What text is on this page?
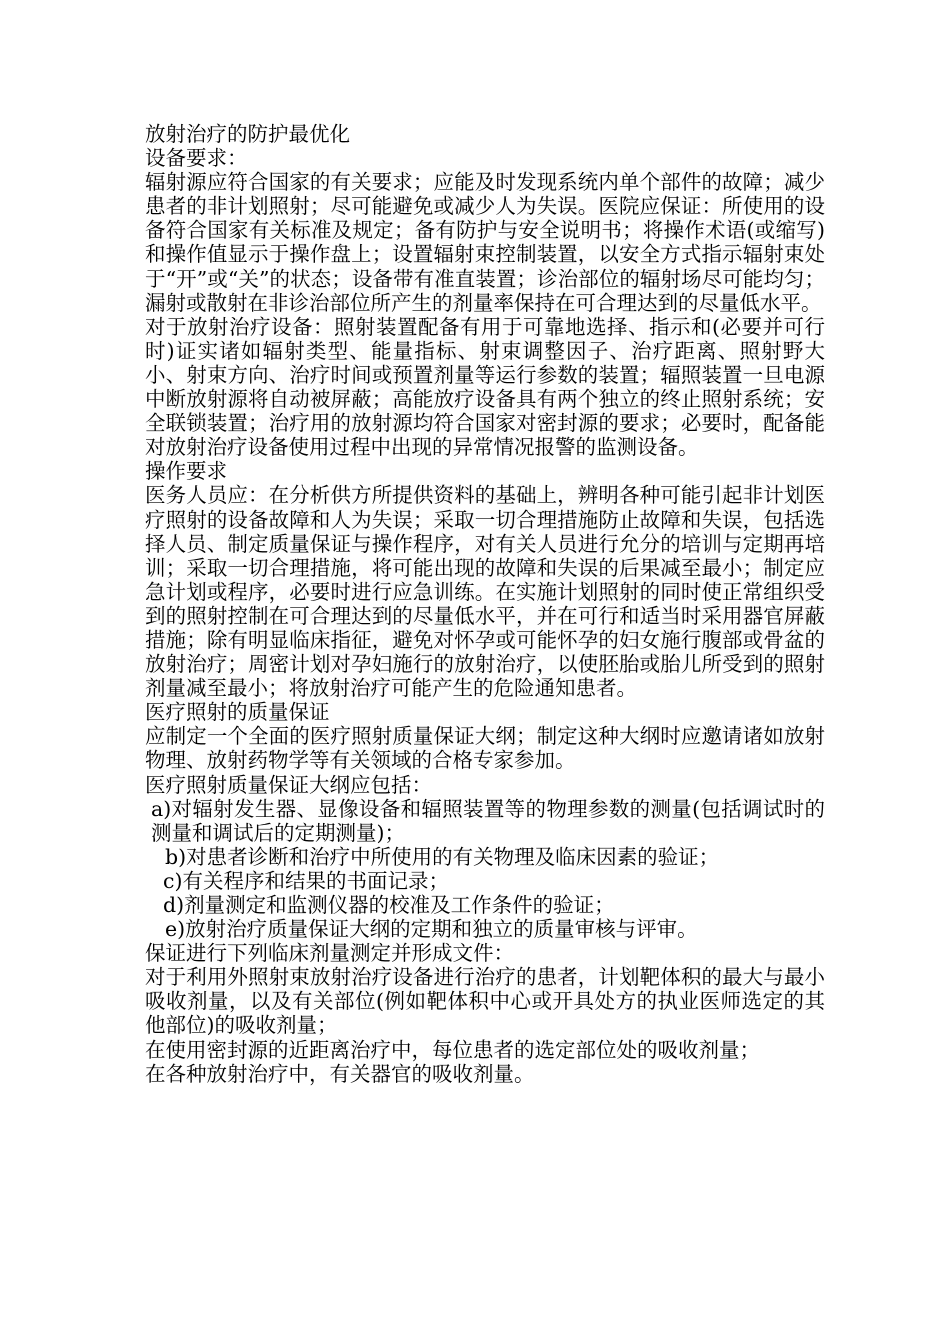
放射治疗的防护最优化

设备要求：

辐射源应符合国家的有关要求；应能及时发现系统内单个部件的故障；减少患者的非计划照射；尽可能避免或减少人为失误。医院应保证：所使用的设备符合国家有关标准及规定；备有防护与安全说明书；将操作术语(或缩写)和操作值显示于操作盘上；设置辐射束控制装置，以安全方式指示辐射束处于“开”或“关”的状态；设备带有准直装置；诊治部位的辐射场尽可能均匀；漏射或散射在非诊治部位所产生的剂量率保持在可合理达到的尽量低水平。

对于放射治疗设备：照射装置配备有用于可靠地选择、指示和(必要并可行时)证实诸如辐射类型、能量指标、射束调整因子、治疗距离、照射野大小、射束方向、治疗时间或预置剂量等运行参数的装置；辐照装置一旦电源中断放射源将自动被屏蔽；高能放疗设备具有两个独立的终止照射系统；安全联锁装置；治疗用的放射源均符合国家对密封源的要求；必要时，配备能对放射治疗设备使用过程中出现的异常情况报警的监测设备。

操作要求

医务人员应：在分析供方所提供资料的基础上，辨明各种可能引起非计划医疗照射的设备故障和人为失误；采取一切合理措施防止故障和失误，包括选择人员、制定质量保证与操作程序，对有关人员进行允分的培训与定期再培训；采取一切合理措施，将可能出现的故障和失误的后果减至最小；制定应急计划或程序，必要时进行应急训练。在实施计划照射的同时使正常组织受到的照射控制在可合理达到的尽量低水平，并在可行和适当时采用器官屏蔽措施；除有明显临床指征，避免对怀孕或可能怀孕的妇女施行腹部或骨盆的放射治疗；周密计划对孕妇施行的放射治疗，以使胚胎或胎儿所受到的照射剂量减至最小；将放射治疗可能产生的危险通知患者。

医疗照射的质量保证

应制定一个全面的医疗照射质量保证大纲；制定这种大纲时应邀请诸如放射物理、放射药物学等有关领域的合格专家参加。

医疗照射质量保证大纲应包括：

a)对辐射发生器、显像设备和辐照装置等的物理参数的测量(包括调试时的测量和调试后的定期测量)；

b)对患者诊断和治疗中所使用的有关物理及临床因素的验证；

c)有关程序和结果的书面记录；

d)剂量测定和监测仪器的校准及工作条件的验证；

e)放射治疗质量保证大纲的定期和独立的质量审核与评审。

保证进行下列临床剂量测定并形成文件：

对于利用外照射束放射治疗设备进行治疗的患者，计划靶体积的最大与最小吸收剂量，以及有关部位(例如靶体积中心或开具处方的执业医师选定的其他部位)的吸收剂量；

在使用密封源的近距离治疗中，每位患者的选定部位处的吸收剂量；

在各种放射治疗中，有关器官的吸收剂量。
